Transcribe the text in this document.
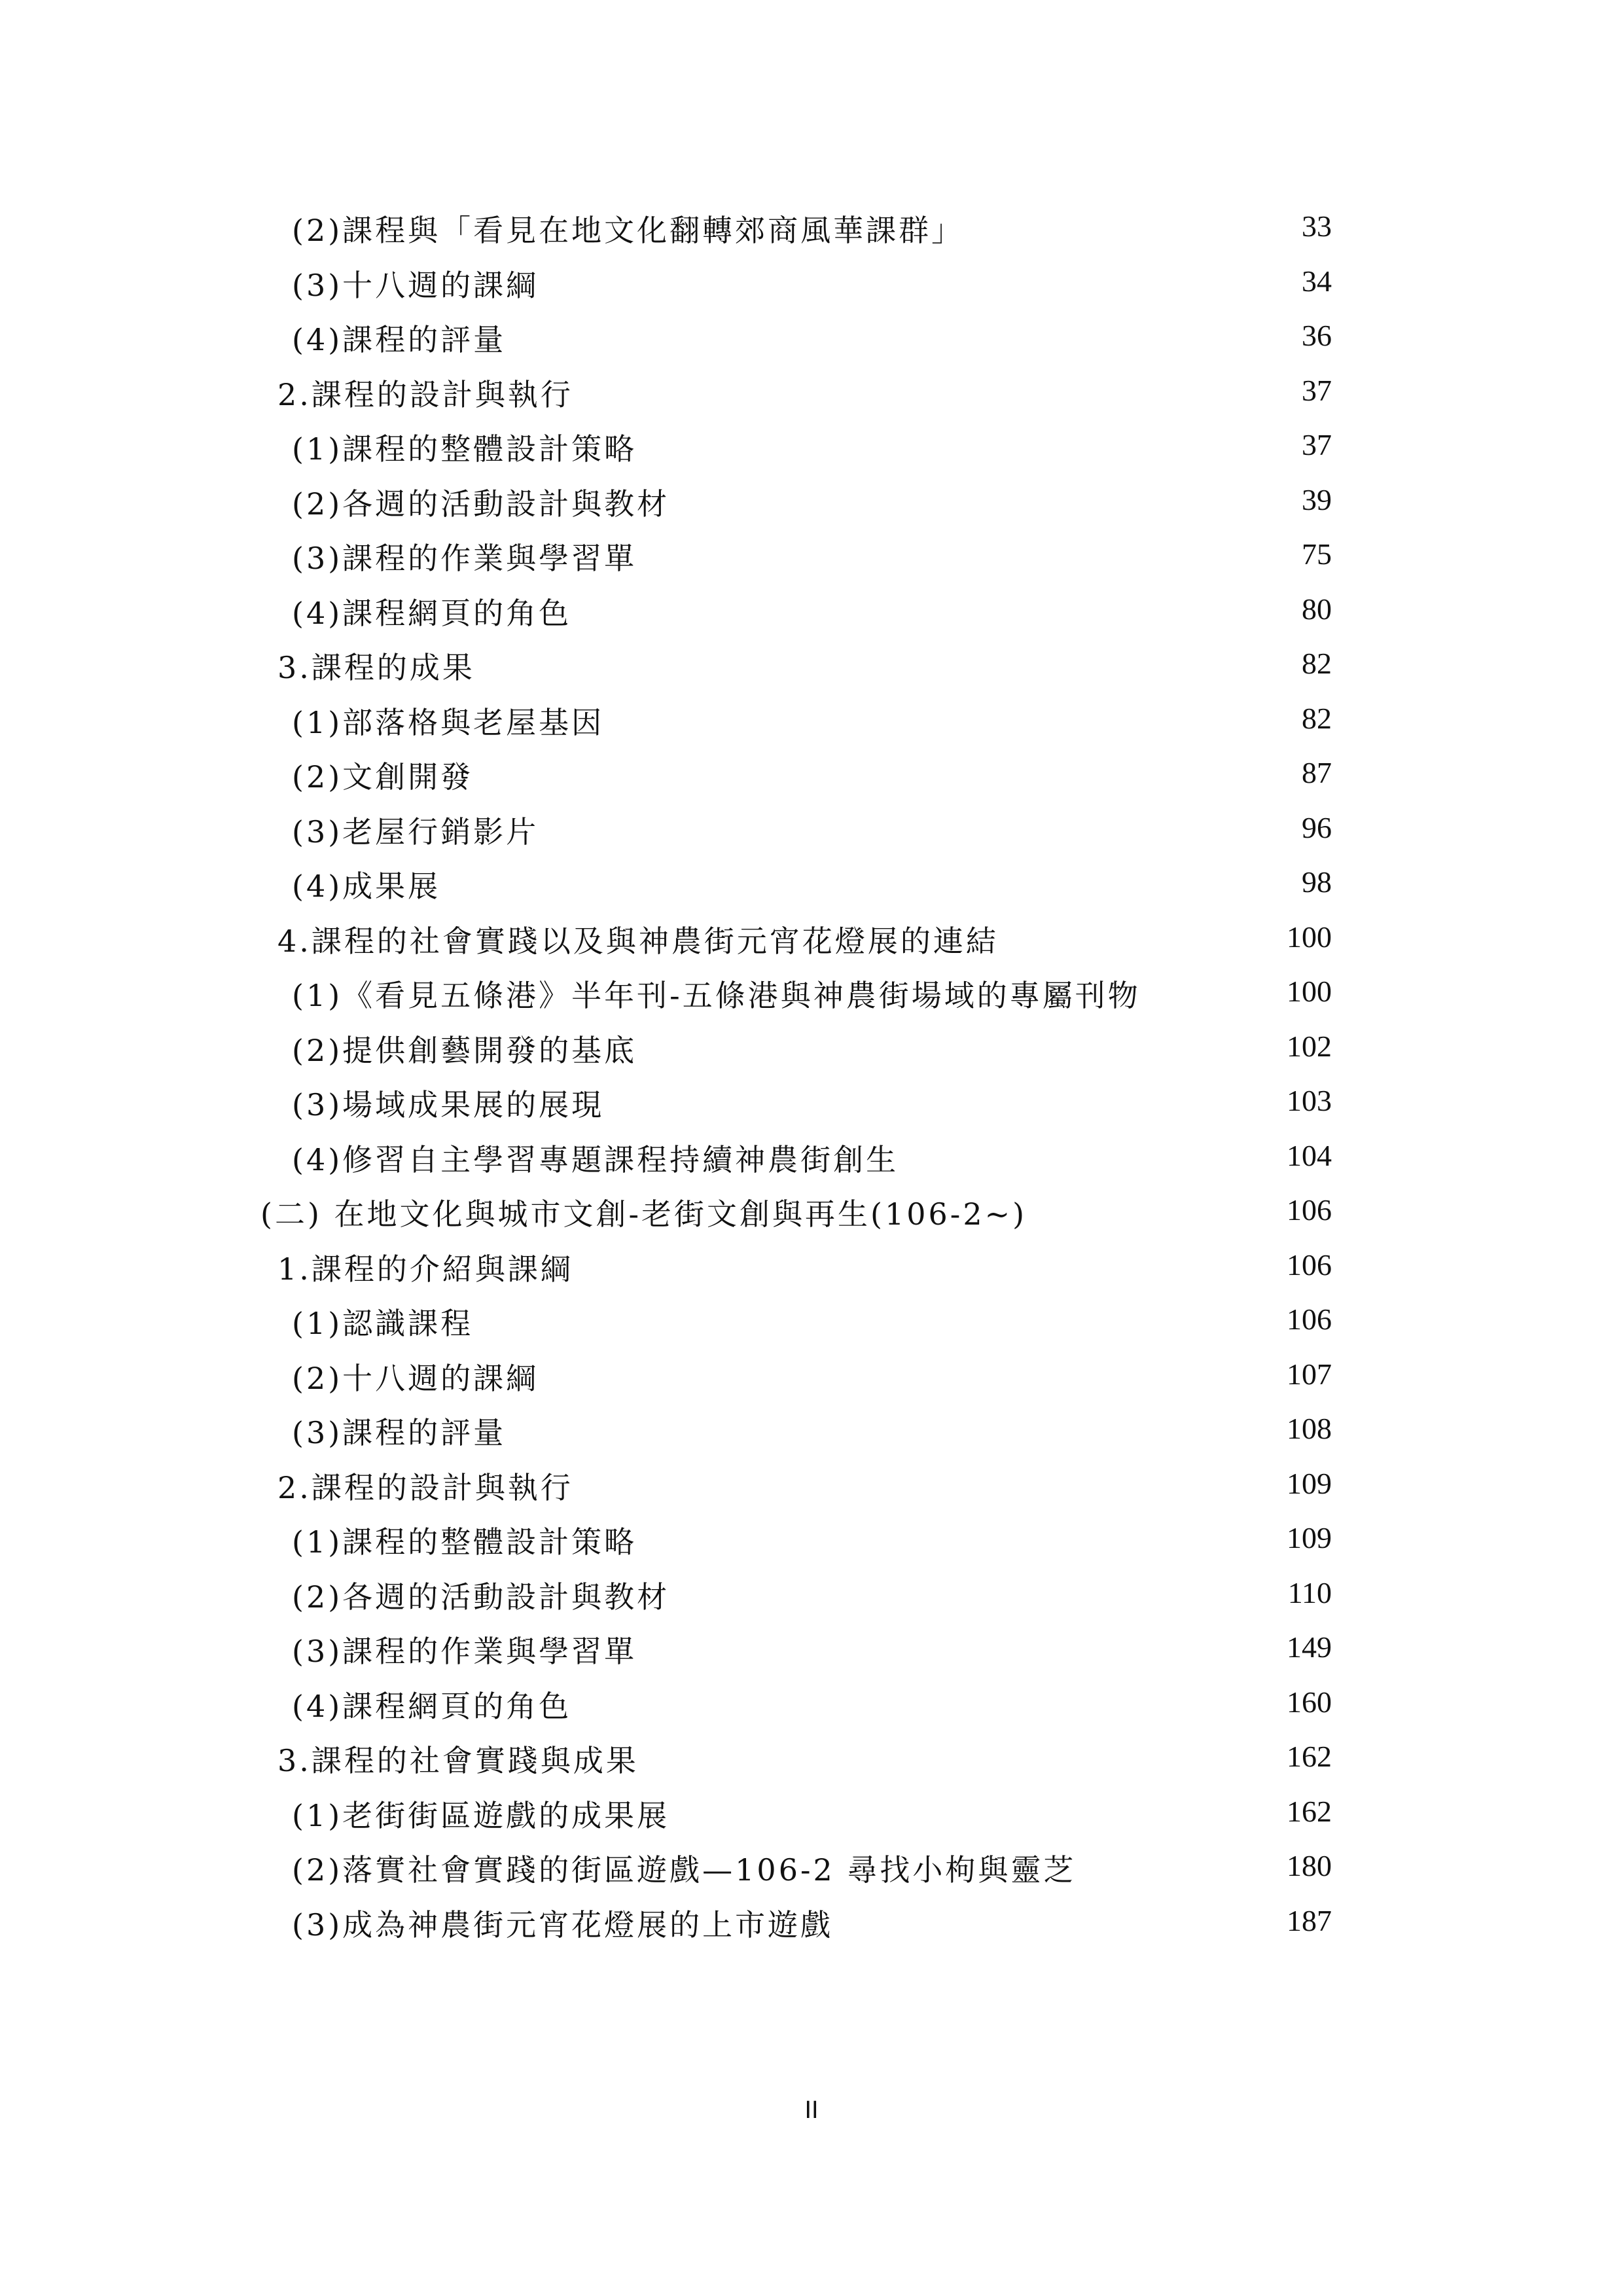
(2)課程與「看見在地文化翻轉郊商風華課群」	33
(3)十八週的課綱	34
(4)課程的評量	36
2.課程的設計與執行	37
(1)課程的整體設計策略	37
(2)各週的活動設計與教材	39
(3)課程的作業與學習單	75
(4)課程網頁的角色	80
3.課程的成果	82
(1)部落格與老屋基因	82
(2)文創開發	87
(3)老屋行銷影片	96
(4)成果展	98
4.課程的社會實踐以及與神農街元宵花燈展的連結	100
(1)《看見五條港》半年刊-五條港與神農街場域的專屬刊物	100
(2)提供創藝開發的基底	102
(3)場域成果展的展現	103
(4)修習自主學習專題課程持續神農街創生	104
(二) 在地文化與城市文創-老街文創與再生(106-2~)	106
1.課程的介紹與課綱	106
(1)認識課程	106
(2)十八週的課綱	107
(3)課程的評量	108
2.課程的設計與執行	109
(1)課程的整體設計策略	109
(2)各週的活動設計與教材	110
(3)課程的作業與學習單	149
(4)課程網頁的角色	160
3.課程的社會實踐與成果	162
(1)老街街區遊戲的成果展	162
(2)落實社會實踐的街區遊戲—106-2 尋找小枸與靈芝	180
(3)成為神農街元宵花燈展的上市遊戲	187
II
